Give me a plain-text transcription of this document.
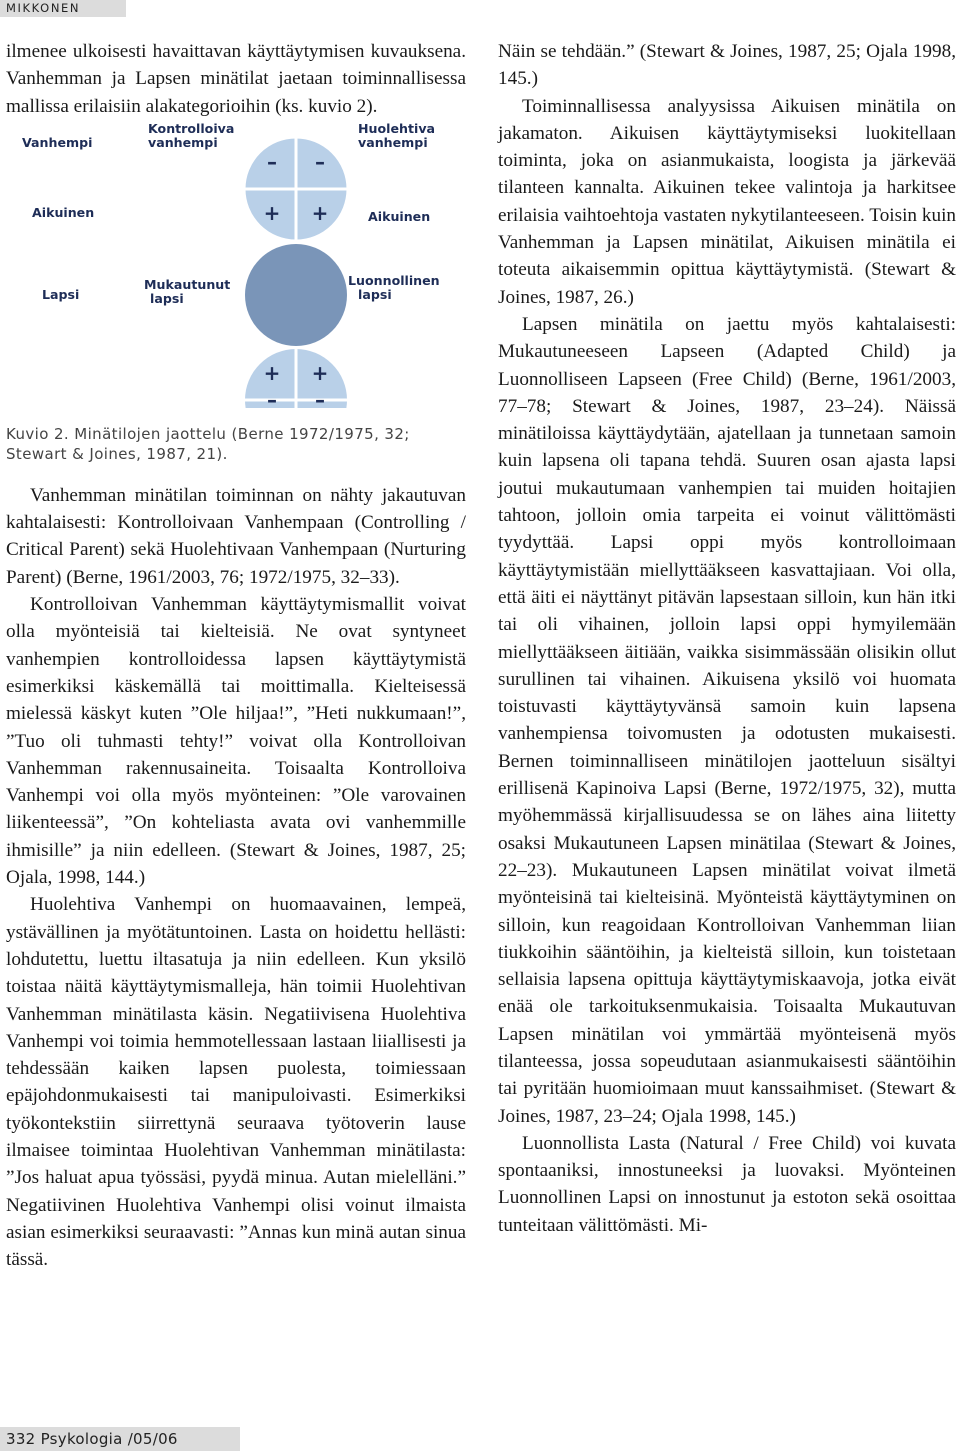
MIKKONEN

ilmenee ulkoisesti havaittavan käyttäytymisen kuvauksena. Vanhemman ja Lapsen minätilat jaetaan toiminnallisessa mallissa erilaisiin alakategorioihin (ks. kuvio 2).

– –
+ +
+ +
– –
Vanhempi
Aikuinen
Lapsi
Kontrolloiva
vanhempi
Huolehtiva
vanhempi
Aikuinen
Mukautunut
lapsi
Luonnollinen
lapsi
Kuvio 2. Minätilojen jaottelu (Berne 1972/1975, 32; Stewart & Joines, 1987, 21).

Vanhemman minätilan toiminnan on nähty jakautuvan kahtalaisesti: Kontrolloivaan Vanhempaan (Controlling / Critical Parent) sekä Huolehtivaan Vanhempaan (Nurturing Parent) (Berne, 1961/2003, 76; 1972/1975, 32–33).

Kontrolloivan Vanhemman käyttäytymismallit voivat olla myönteisiä tai kielteisiä. Ne ovat syntyneet vanhempien kontrolloidessa lapsen käyttäytymistä esimerkiksi käskemällä tai moittimalla. Kielteisessä mielessä käskyt kuten ”Ole hiljaa!”, ”Heti nukkumaan!”, ”Tuo oli tuhmasti tehty!” voivat olla Kontrolloivan Vanhemman rakennusaineita. Toisaalta Kontrolloiva Vanhempi voi olla myös myönteinen: ”Ole varovainen liikenteessä”, ”On kohteliasta avata ovi vanhemmille ihmisille” ja niin edelleen. (Stewart & Joines, 1987, 25; Ojala, 1998, 144.)

Huolehtiva Vanhempi on huomaavainen, lempeä, ystävällinen ja myötätuntoinen. Lasta on hoidettu hellästi: lohdutettu, luettu iltasatuja ja niin edelleen. Kun yksilö toistaa näitä käyttäytymismalleja, hän toimii Huolehtivan Vanhemman minätilasta käsin. Negatiivisena Huolehtiva Vanhempi voi toimia hemmotellessaan lastaan liiallisesti ja tehdessään kaiken lapsen puolesta, toimiessaan epäjohdonmukaisesti tai manipuloivasti. Esimerkiksi työkontekstiin siirrettynä seuraava työtoverin lause ilmaisee toimintaa Huolehtivan Vanhemman minätilasta: ”Jos haluat apua työssäsi, pyydä minua. Autan mielelläni.” Negatiivinen Huolehtiva Vanhempi olisi voinut ilmaista asian esimerkiksi seuraavasti: ”Annas kun minä autan sinua tässä.

Näin se tehdään.” (Stewart & Joines, 1987, 25; Ojala 1998, 145.)

Toiminnallisessa analyysissa Aikuisen minätila on jakamaton. Aikuisen käyttäytymiseksi luokitellaan toiminta, joka on asianmukaista, loogista ja järkevää tilanteen kannalta. Aikuinen tekee valintoja ja harkitsee erilaisia vaihtoehtoja vastaten nykytilanteeseen. Toisin kuin Vanhemman ja Lapsen minätilat, Aikuisen minätila ei toteuta aikaisemmin opittua käyttäytymistä. (Stewart & Joines, 1987, 26.)

Lapsen minätila on jaettu myös kahtalaisesti: Mukautuneeseen Lapseen (Adapted Child) ja Luonnolliseen Lapseen (Free Child) (Berne, 1961/2003, 77–78; Stewart & Joines, 1987, 23–24). Näissä minätiloissa käyttäydytään, ajatellaan ja tunnetaan samoin kuin lapsena oli tapana tehdä. Suuren osan ajasta lapsi joutui mukautumaan vanhempien tai muiden hoitajien tahtoon, jolloin omia tarpeita ei voinut välittömästi tyydyttää. Lapsi oppi myös kontrolloimaan käyttäytymistään miellyttääkseen kasvattajiaan. Voi olla, että äiti ei näyttänyt pitävän lapsestaan silloin, kun hän itki tai oli vihainen, jolloin lapsi oppi hymyilemään miellyttääkseen äitiään, vaikka sisimmässään olisikin ollut surullinen tai vihainen. Aikuisena yksilö voi huomata toistuvasti käyttäytyvänsä samoin kuin lapsena vanhempiensa toivomusten ja odotusten mukaisesti. Bernen toiminnalliseen minätilojen jaotteluun sisältyi erillisenä Kapinoiva Lapsi (Berne, 1972/1975, 32), mutta myöhemmässä kirjallisuudessa se on lähes aina liitetty osaksi Mukautuneen Lapsen minätilaa (Stewart & Joines, 22–23). Mukautuneen Lapsen minätilat voivat ilmetä myönteisinä tai kielteisinä. Myönteistä käyttäytyminen on silloin, kun reagoidaan Kontrolloivan Vanhemman liian tiukkoihin sääntöihin, ja kielteistä silloin, kun toistetaan sellaisia lapsena opittuja käyttäytymiskaavoja, jotka eivät enää ole tarkoituksenmukaisia. Toisaalta Mukautuvan Lapsen minätilan voi ymmärtää myönteisenä myös tilanteessa, jossa sopeudutaan asianmukaisesti sääntöihin tai pyritään huomioimaan muut kanssaihmiset. (Stewart & Joines, 1987, 23–24; Ojala 1998, 145.)

Luonnollista Lasta (Natural / Free Child) voi kuvata spontaaniksi, innostuneeksi ja luovaksi. Myönteinen Luonnollinen Lapsi on innostunut ja estoton sekä osoittaa tunteitaan välittömästi. Mi-

332 Psykologia /05/06
